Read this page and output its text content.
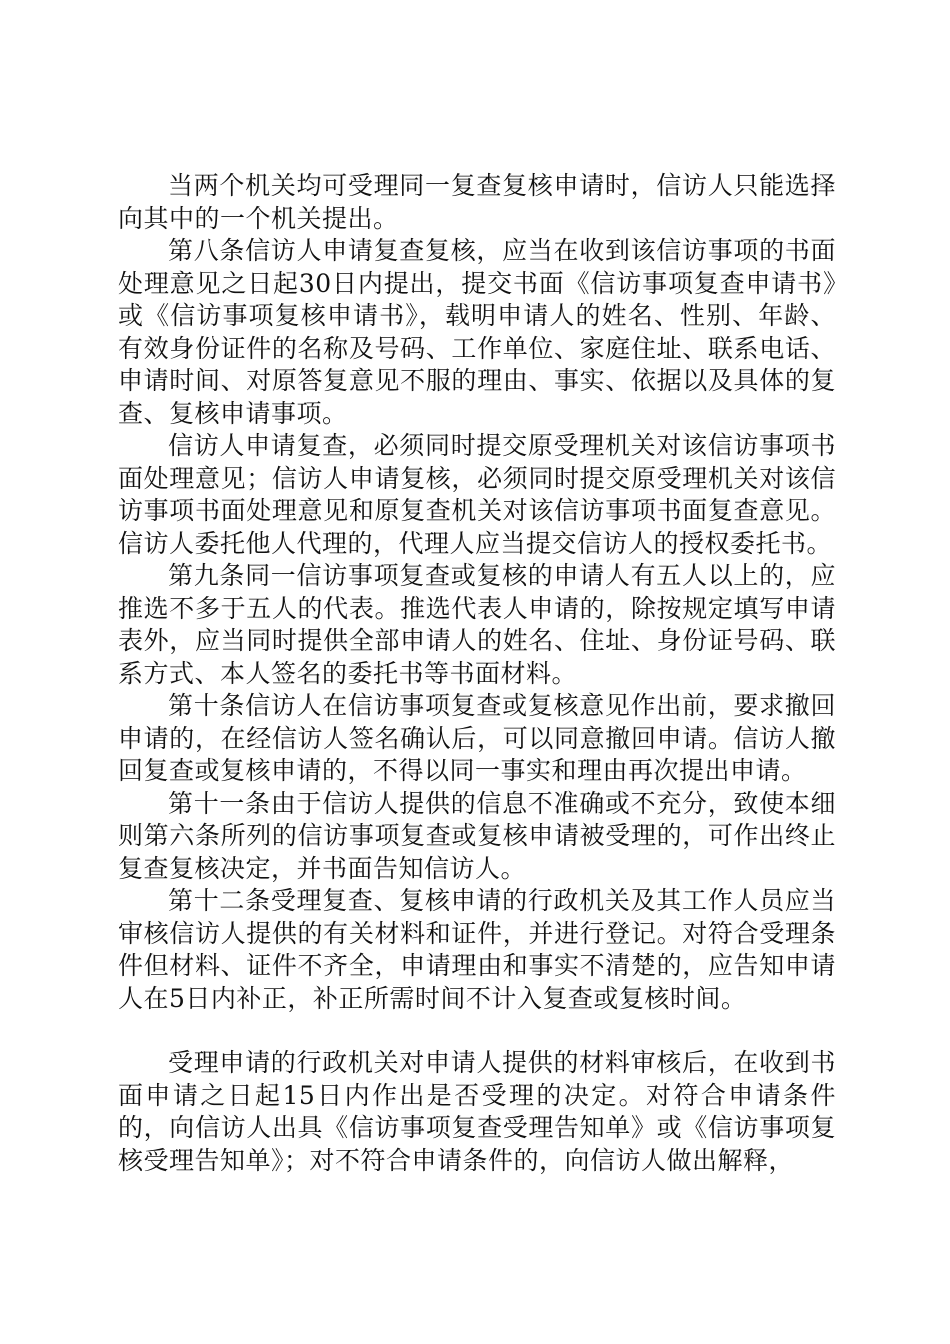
当两个机关均可受理同一复查复核申请时，信访人只能选择向其中的一个机关提出。

第八条信访人申请复查复核，应当在收到该信访事项的书面处理意见之日起30日内提出，提交书面《信访事项复查申请书》或《信访事项复核申请书》，载明申请人的姓名、性别、年龄、有效身份证件的名称及号码、工作单位、家庭住址、联系电话、申请时间、对原答复意见不服的理由、事实、依据以及具体的复查、复核申请事项。

信访人申请复查，必须同时提交原受理机关对该信访事项书面处理意见；信访人申请复核，必须同时提交原受理机关对该信访事项书面处理意见和原复查机关对该信访事项书面复查意见。信访人委托他人代理的，代理人应当提交信访人的授权委托书。

第九条同一信访事项复查或复核的申请人有五人以上的，应推选不多于五人的代表。推选代表人申请的，除按规定填写申请表外，应当同时提供全部申请人的姓名、住址、身份证号码、联系方式、本人签名的委托书等书面材料。

第十条信访人在信访事项复查或复核意见作出前，要求撤回申请的，在经信访人签名确认后，可以同意撤回申请。信访人撤回复查或复核申请的，不得以同一事实和理由再次提出申请。

第十一条由于信访人提供的信息不准确或不充分，致使本细则第六条所列的信访事项复查或复核申请被受理的，可作出终止复查复核决定，并书面告知信访人。

第十二条受理复查、复核申请的行政机关及其工作人员应当审核信访人提供的有关材料和证件，并进行登记。对符合受理条件但材料、证件不齐全，申请理由和事实不清楚的，应告知申请人在5日内补正，补正所需时间不计入复查或复核时间。

受理申请的行政机关对申请人提供的材料审核后，在收到书面申请之日起15日内作出是否受理的决定。对符合申请条件的，向信访人出具《信访事项复查受理告知单》或《信访事项复核受理告知单》；对不符合申请条件的，向信访人做出解释，
